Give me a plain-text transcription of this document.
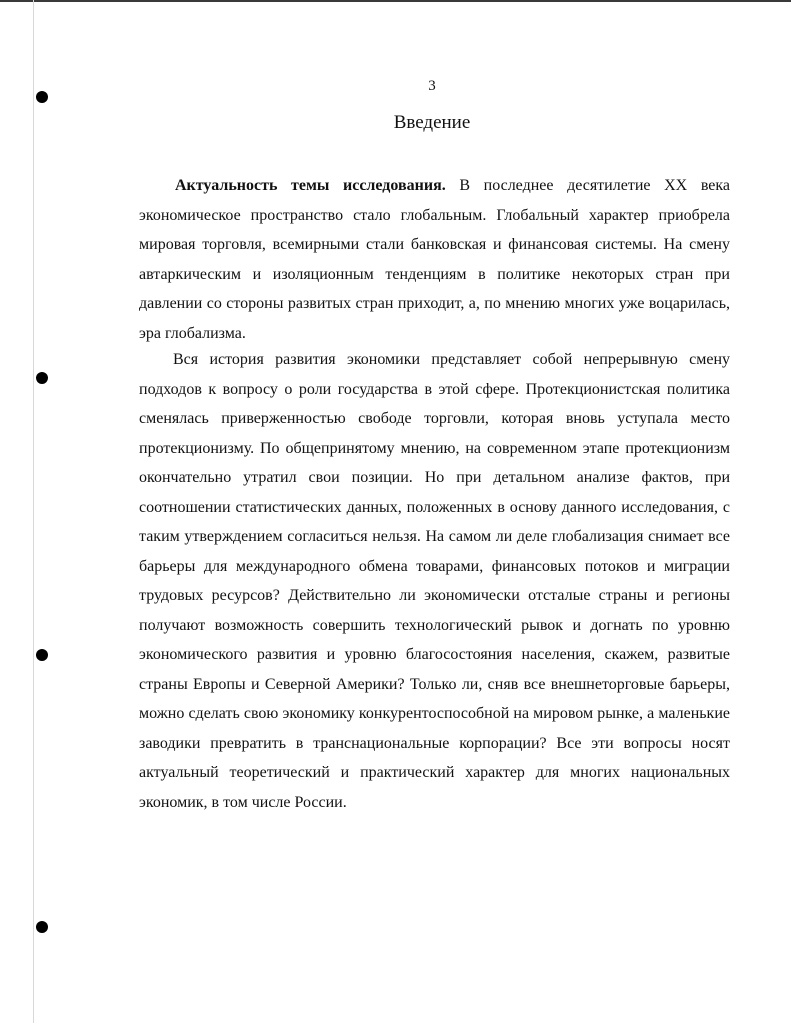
3
Введение

Актуальность темы исследования. В последнее десятилетие XX века экономическое пространство стало глобальным. Глобальный характер приобрела мировая торговля, всемирными стали банковская и финансовая системы. На смену автаркическим и изоляционным тенденциям в политике некоторых стран при давлении со стороны развитых стран приходит, а, по мнению многих уже воцарилась, эра глобализма.

Вся история развития экономики представляет собой непрерывную смену подходов к вопросу о роли государства в этой сфере. Протекционистская политика сменялась приверженностью свободе торговли, которая вновь уступала место протекционизму. По общепринятому мнению, на современном этапе протекционизм окончательно утратил свои позиции. Но при детальном анализе фактов, при соотношении статистических данных, положенных в основу данного исследования, с таким утверждением согласиться нельзя. На самом ли деле глобализация снимает все барьеры для международного обмена товарами, финансовых потоков и миграции трудовых ресурсов? Действительно ли экономически отсталые страны и регионы получают возможность совершить технологический рывок и догнать по уровню экономического развития и уровню благосостояния населения, скажем, развитые страны Европы и Северной Америки? Только ли, сняв все внешнеторговые барьеры, можно сделать свою экономику конкурентоспособной на мировом рынке, а маленькие заводики превратить в транснациональные корпорации? Все эти вопросы носят актуальный теоретический и практический характер для многих национальных экономик, в том числе России.
